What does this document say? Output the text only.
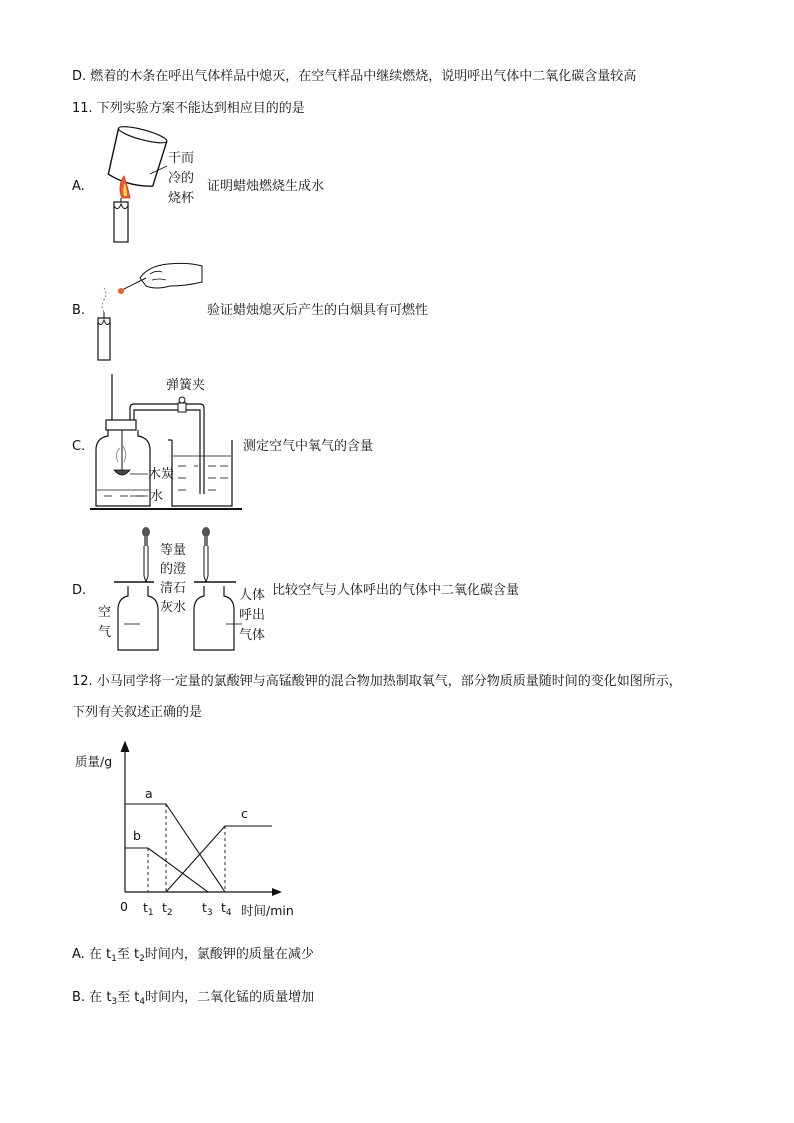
D. 燃着的木条在呼出气体样品中熄灭，在空气样品中继续燃烧，说明呼出气体中二氧化碳含量较高
11. 下列实验方案不能达到相应目的的是
A.
干而
冷的
烧杯
证明蜡烛燃烧生成水
B.	验证蜡烛熄灭后产生的白烟具有可燃性
C.
弹簧夹
木炭
水
测定空气中氧气的含量
D.
等量
的澄
清石
灰水
空
气
人体
呼出
气体
比较空气与人体呼出的气体中二氧化碳含量
12. 小马同学将一定量的氯酸钾与高锰酸钾的混合物加热制取氧气，部分物质质量随时间的变化如图所示，
下列有关叙述正确的是
质量/g
a
b
c
0 $t_1$ $t_2$ $t_3$ $t_4$ 时间/min
A. 在 $t_1$至 $t_2$时间内，氯酸钾的质量在减少
B. 在 $t_3$至 $t_4$时间内，二氧化锰的质量增加
